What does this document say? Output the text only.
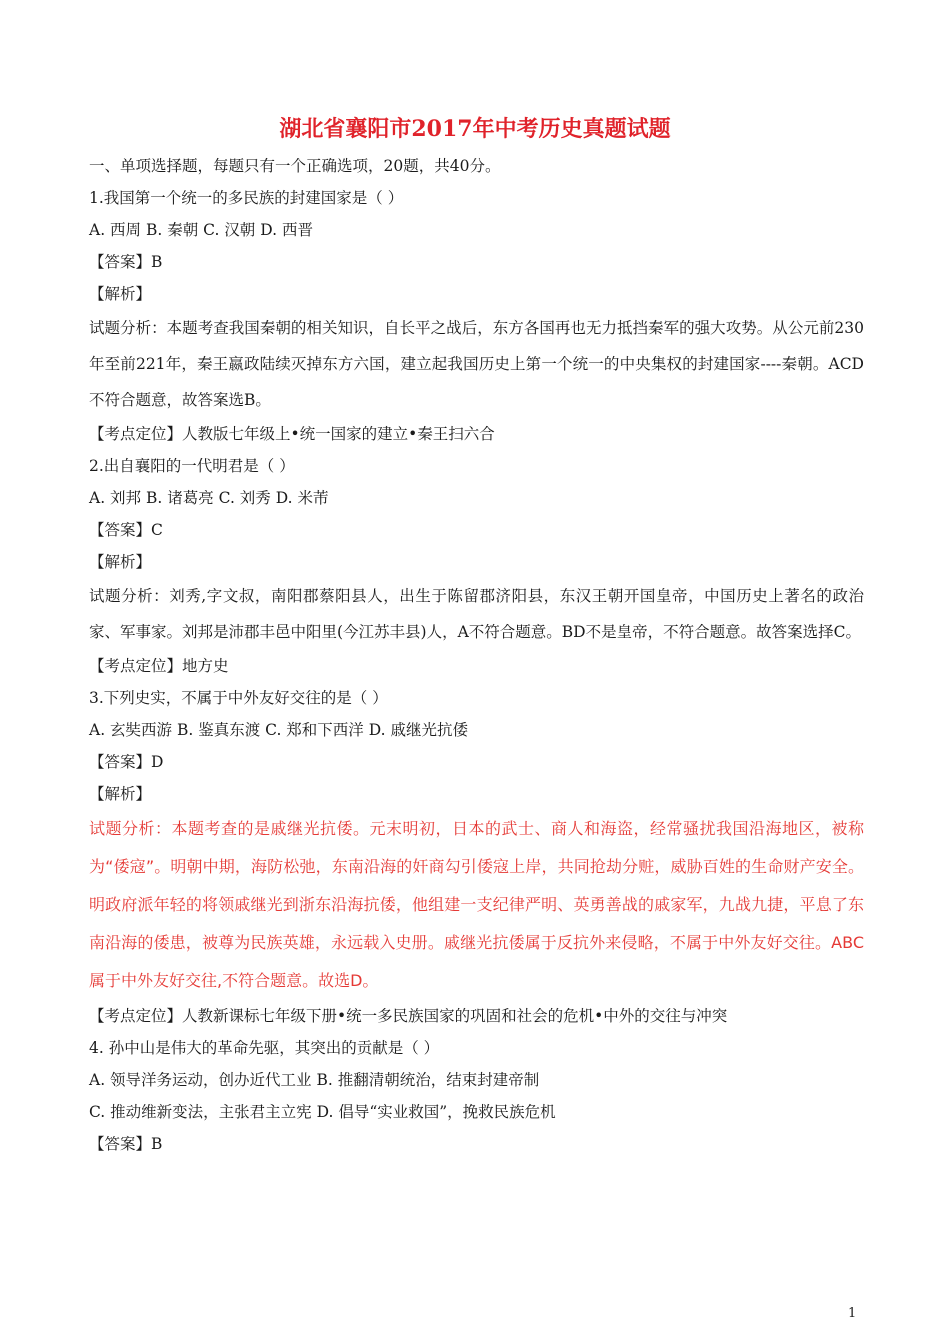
湖北省襄阳市2017年中考历史真题试题
一、单项选择题，每题只有一个正确选项，20题，共40分。
1.我国第一个统一的多民族的封建国家是（ ）
A. 西周 B. 秦朝 C. 汉朝 D. 西晋
【答案】B
【解析】

试题分析：本题考查我国秦朝的相关知识，自长平之战后，东方各国再也无力抵挡秦军的强大攻势。从公元前230年至前221年，秦王嬴政陆续灭掉东方六国，建立起我国历史上第一个统一的中央集权的封建国家----秦朝。ACD不符合题意，故答案选B。

【考点定位】人教版七年级上•统一国家的建立•秦王扫六合
2.出自襄阳的一代明君是（ ）
A. 刘邦 B. 诸葛亮 C. 刘秀 D. 米芾
【答案】C
【解析】

试题分析：刘秀,字文叔，南阳郡蔡阳县人，出生于陈留郡济阳县，东汉王朝开国皇帝，中国历史上著名的政治家、军事家。刘邦是沛郡丰邑中阳里(今江苏丰县)人，A不符合题意。BD不是皇帝，不符合题意。故答案选择C。

【考点定位】地方史
3.下列史实，不属于中外友好交往的是（ ）
A. 玄奘西游 B. 鉴真东渡 C. 郑和下西洋 D. 戚继光抗倭
【答案】D
【解析】

试题分析：本题考查的是戚继光抗倭。元末明初，日本的武士、商人和海盗，经常骚扰我国沿海地区，被称为“倭寇”。明朝中期，海防松弛，东南沿海的奸商勾引倭寇上岸，共同抢劫分赃，威胁百姓的生命财产安全。明政府派年轻的将领戚继光到浙东沿海抗倭，他组建一支纪律严明、英勇善战的戚家军，九战九捷，平息了东南沿海的倭患，被尊为民族英雄，永远载入史册。戚继光抗倭属于反抗外来侵略，不属于中外友好交往。ABC属于中外友好交往,不符合题意。故选D。

【考点定位】人教新课标七年级下册•统一多民族国家的巩固和社会的危机•中外的交往与冲突
4. 孙中山是伟大的革命先驱，其突出的贡献是（ ）
A. 领导洋务运动，创办近代工业 B. 推翻清朝统治，结束封建帝制
C. 推动维新变法，主张君主立宪 D. 倡导“实业救国”，挽救民族危机
【答案】B
1
